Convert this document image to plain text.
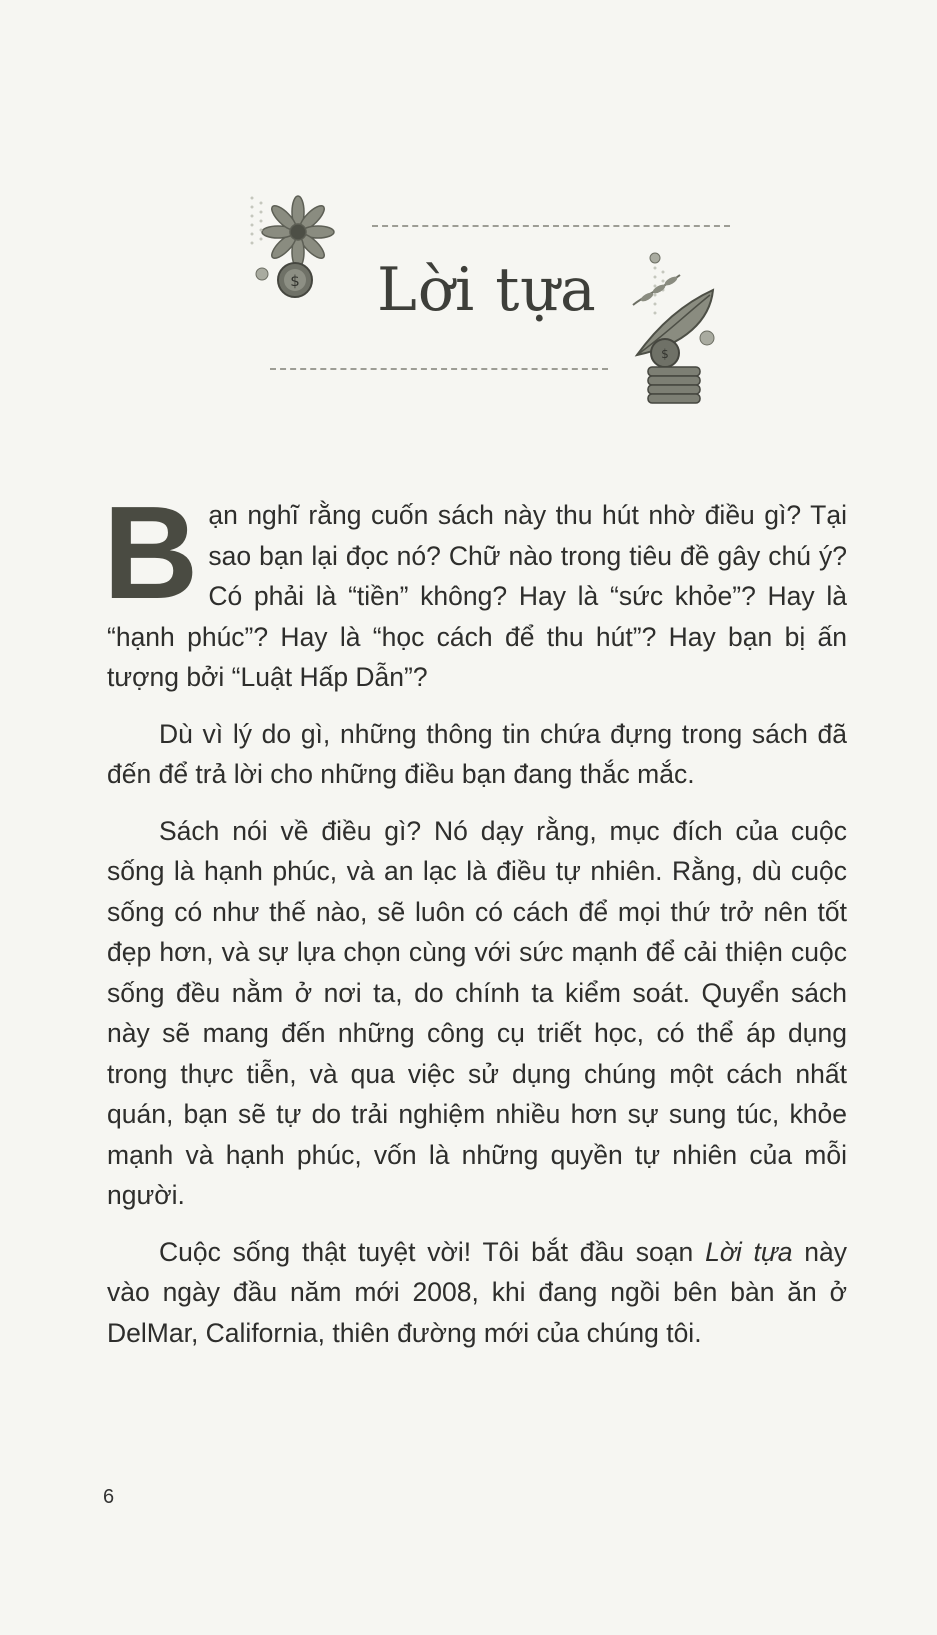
$ Lời tựa
$

Bạn nghĩ rằng cuốn sách này thu hút nhờ điều gì? Tại sao bạn lại đọc nó? Chữ nào trong tiêu đề gây chú ý? Có phải là “tiền” không? Hay là “sức khỏe”? Hay là “hạnh phúc”? Hay là “học cách để thu hút”? Hay bạn bị ấn tượng bởi “Luật Hấp Dẫn”?

Dù vì lý do gì, những thông tin chứa đựng trong sách đã đến để trả lời cho những điều bạn đang thắc mắc.

Sách nói về điều gì? Nó dạy rằng, mục đích của cuộc sống là hạnh phúc, và an lạc là điều tự nhiên. Rằng, dù cuộc sống có như thế nào, sẽ luôn có cách để mọi thứ trở nên tốt đẹp hơn, và sự lựa chọn cùng với sức mạnh để cải thiện cuộc sống đều nằm ở nơi ta, do chính ta kiểm soát. Quyển sách này sẽ mang đến những công cụ triết học, có thể áp dụng trong thực tiễn, và qua việc sử dụng chúng một cách nhất quán, bạn sẽ tự do trải nghiệm nhiều hơn sự sung túc, khỏe mạnh và hạnh phúc, vốn là những quyền tự nhiên của mỗi người.

Cuộc sống thật tuyệt vời! Tôi bắt đầu soạn Lời tựa này vào ngày đầu năm mới 2008, khi đang ngồi bên bàn ăn ở DelMar, California, thiên đường mới của chúng tôi.

6
